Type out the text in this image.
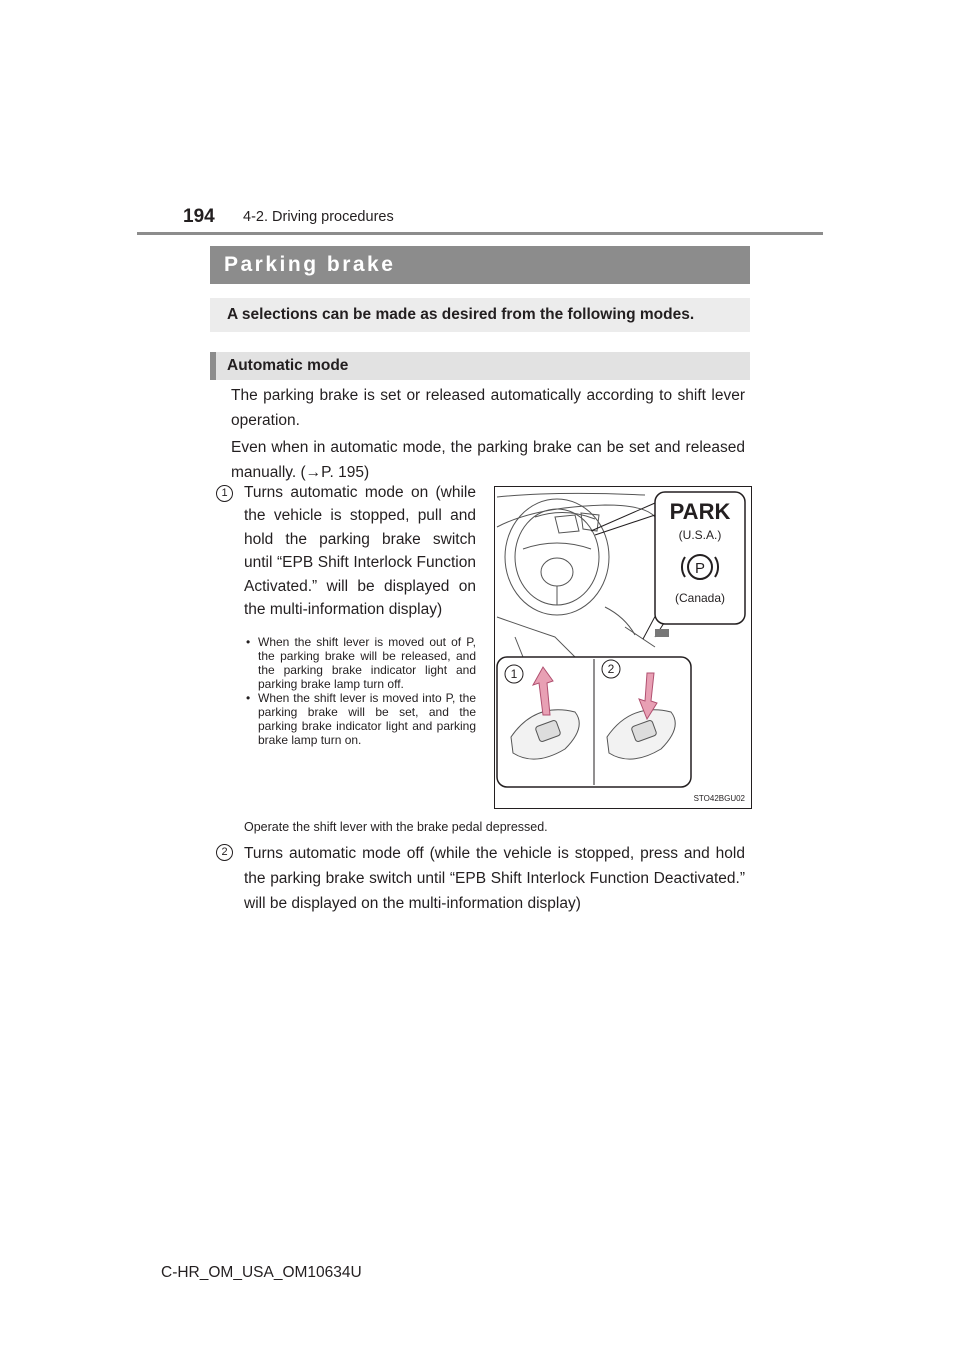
194 4-2. Driving procedures
Parking brake
A selections can be made as desired from the following modes.
Automatic mode
The parking brake is set or released automatically according to shift lever operation.
Even when in automatic mode, the parking brake can be set and released manually. (→P. 195)
1	Turns automatic mode on (while the vehicle is stopped, pull and hold the parking brake switch until “EPB Shift Interlock Function Activated.” will be displayed on the multi-information display)
• When the shift lever is moved out of P, the parking brake will be released, and the parking brake indicator light and parking brake lamp turn off.
• When the shift lever is moved into P, the parking brake will be set, and the parking brake indicator light and parking brake lamp turn on.
Operate the shift lever with the brake pedal depressed.
2	Turns automatic mode off (while the vehicle is stopped, press and hold the parking brake switch until “EPB Shift Interlock Function Deactivated.” will be displayed on the multi-information display)
PARK
(U.S.A.)
P
(Canada)
1	2
STO42BGU02
C-HR_OM_USA_OM10634U
